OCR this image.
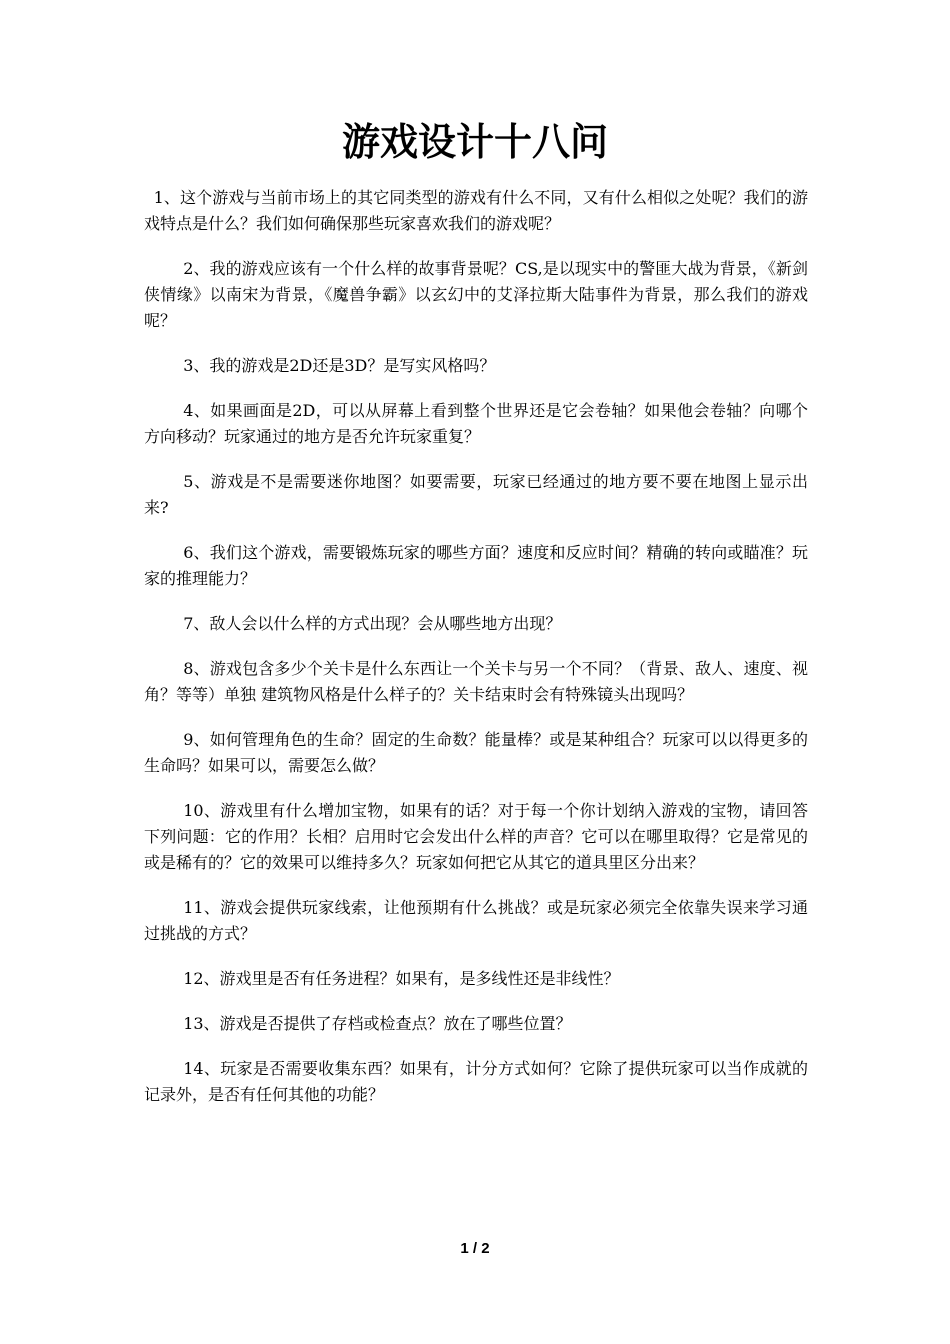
游戏设计十八问

1、这个游戏与当前市场上的其它同类型的游戏有什么不同，又有什么相似之处呢？我们的游戏特点是什么？我们如何确保那些玩家喜欢我们的游戏呢？

2、我的游戏应该有一个什么样的故事背景呢？CS,是以现实中的警匪大战为背景，《新剑侠情缘》以南宋为背景，《魔兽争霸》以玄幻中的艾泽拉斯大陆事件为背景，那么我们的游戏呢？

3、我的游戏是2D还是3D？是写实风格吗？

4、如果画面是2D，可以从屏幕上看到整个世界还是它会卷轴？如果他会卷轴？向哪个方向移动？玩家通过的地方是否允许玩家重复？

5、游戏是不是需要迷你地图？如要需要，玩家已经通过的地方要不要在地图上显示出来?

6、我们这个游戏，需要锻炼玩家的哪些方面？速度和反应时间？精确的转向或瞄准？玩家的推理能力？

7、敌人会以什么样的方式出现？会从哪些地方出现？

8、游戏包含多少个关卡是什么东西让一个关卡与另一个不同？（背景、敌人、速度、视角？等等）单独 建筑物风格是什么样子的？关卡结束时会有特殊镜头出现吗？

9、如何管理角色的生命？固定的生命数？能量棒？或是某种组合？玩家可以以得更多的生命吗？如果可以，需要怎么做？

10、游戏里有什么增加宝物，如果有的话？对于每一个你计划纳入游戏的宝物，请回答下列问题：它的作用？长相？启用时它会发出什么样的声音？它可以在哪里取得？它是常见的或是稀有的？它的效果可以维持多久？玩家如何把它从其它的道具里区分出来？

11、游戏会提供玩家线索，让他预期有什么挑战？或是玩家必须完全依靠失误来学习通过挑战的方式？

12、游戏里是否有任务进程？如果有，是多线性还是非线性？

13、游戏是否提供了存档或检查点？放在了哪些位置？

14、玩家是否需要收集东西？如果有，计分方式如何？它除了提供玩家可以当作成就的记录外，是否有任何其他的功能？

1 / 2
